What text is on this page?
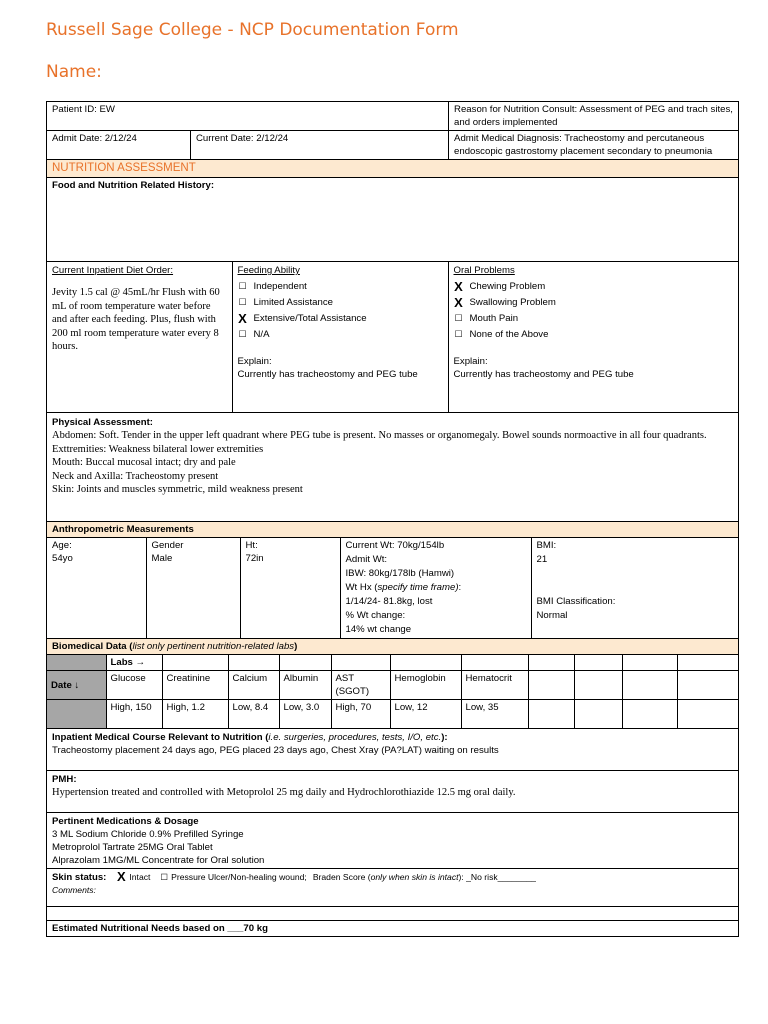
Russell Sage College - NCP Documentation Form
Name:
Patient ID: EW	Reason for Nutrition Consult: Assessment of PEG and trach sites, and orders implemented
Admit Date: 2/12/24	Current Date: 2/12/24	Admit Medical Diagnosis: Tracheostomy and percutaneous endoscopic gastrostomy placement secondary to pneumonia
NUTRITION ASSESSMENT
Food and Nutrition Related History:

Current Inpatient Diet Order:
Jevity 1.5 cal @ 45mL/hr Flush with 60 mL of room temperature water before and after each feeding. Plus, flush with 200 ml room temperature water every 8 hours.

Feeding Ability
☐ Independent
☐ Limited Assistance
X Extensive/Total Assistance
☐ N/A
Explain:
Currently has tracheostomy and PEG tube

Oral Problems
X Chewing Problem
X Swallowing Problem
☐ Mouth Pain
☐ None of the Above
Explain:
Currently has tracheostomy and PEG tube

Physical Assessment:
Abdomen: Soft. Tender in the upper left quadrant where PEG tube is present. No masses or organomegaly. Bowel sounds normoactive in all four quadrants.
Exttremities: Weakness bilateral lower extremities
Mouth: Buccal mucosal intact; dry and pale
Neck and Axilla: Tracheostomy present
Skin: Joints and muscles symmetric, mild weakness present

Anthropometric Measurements

Age:
54yo

Gender
Male

Ht:
72in

Current Wt: 70kg/154lb
Admit Wt:
IBW: 80kg/178lb (Hamwi)
Wt Hx (specify time frame):
1/14/24- 81.8kg, lost
% Wt change:
14% wt change

BMI:
21
BMI Classification:
Normal

Biomedical Data (list only pertinent nutrition-related labs)

	Labs →										
Date ↓	Glucose	Creatinine	Calcium	Albumin	AST (SGOT)	Hemoglobin	Hematocrit				
	High, 150	High, 1.2	Low, 8.4	Low, 3.0	High, 70	Low, 12	Low, 35				

Inpatient Medical Course Relevant to Nutrition (i.e. surgeries, procedures, tests, I/O, etc.):
Tracheostomy placement 24 days ago, PEG placed 23 days ago, Chest Xray (PA?LAT) waiting on results

PMH:
Hypertension treated and controlled with Metoprolol 25 mg daily and Hydrochlorothiazide 12.5 mg oral daily.

Pertinent Medications & Dosage
3 ML Sodium Chloride 0.9% Prefilled Syringe
Metroprolol Tartrate 25MG Oral Tablet
Alprazolam 1MG/ML Concentrate for Oral solution

Skin status: X Intact ☐ Pressure Ulcer/Non-healing wound; Braden Score (only when skin is intact): _No risk________
Comments:

Estimated Nutritional Needs based on ___70 kg
